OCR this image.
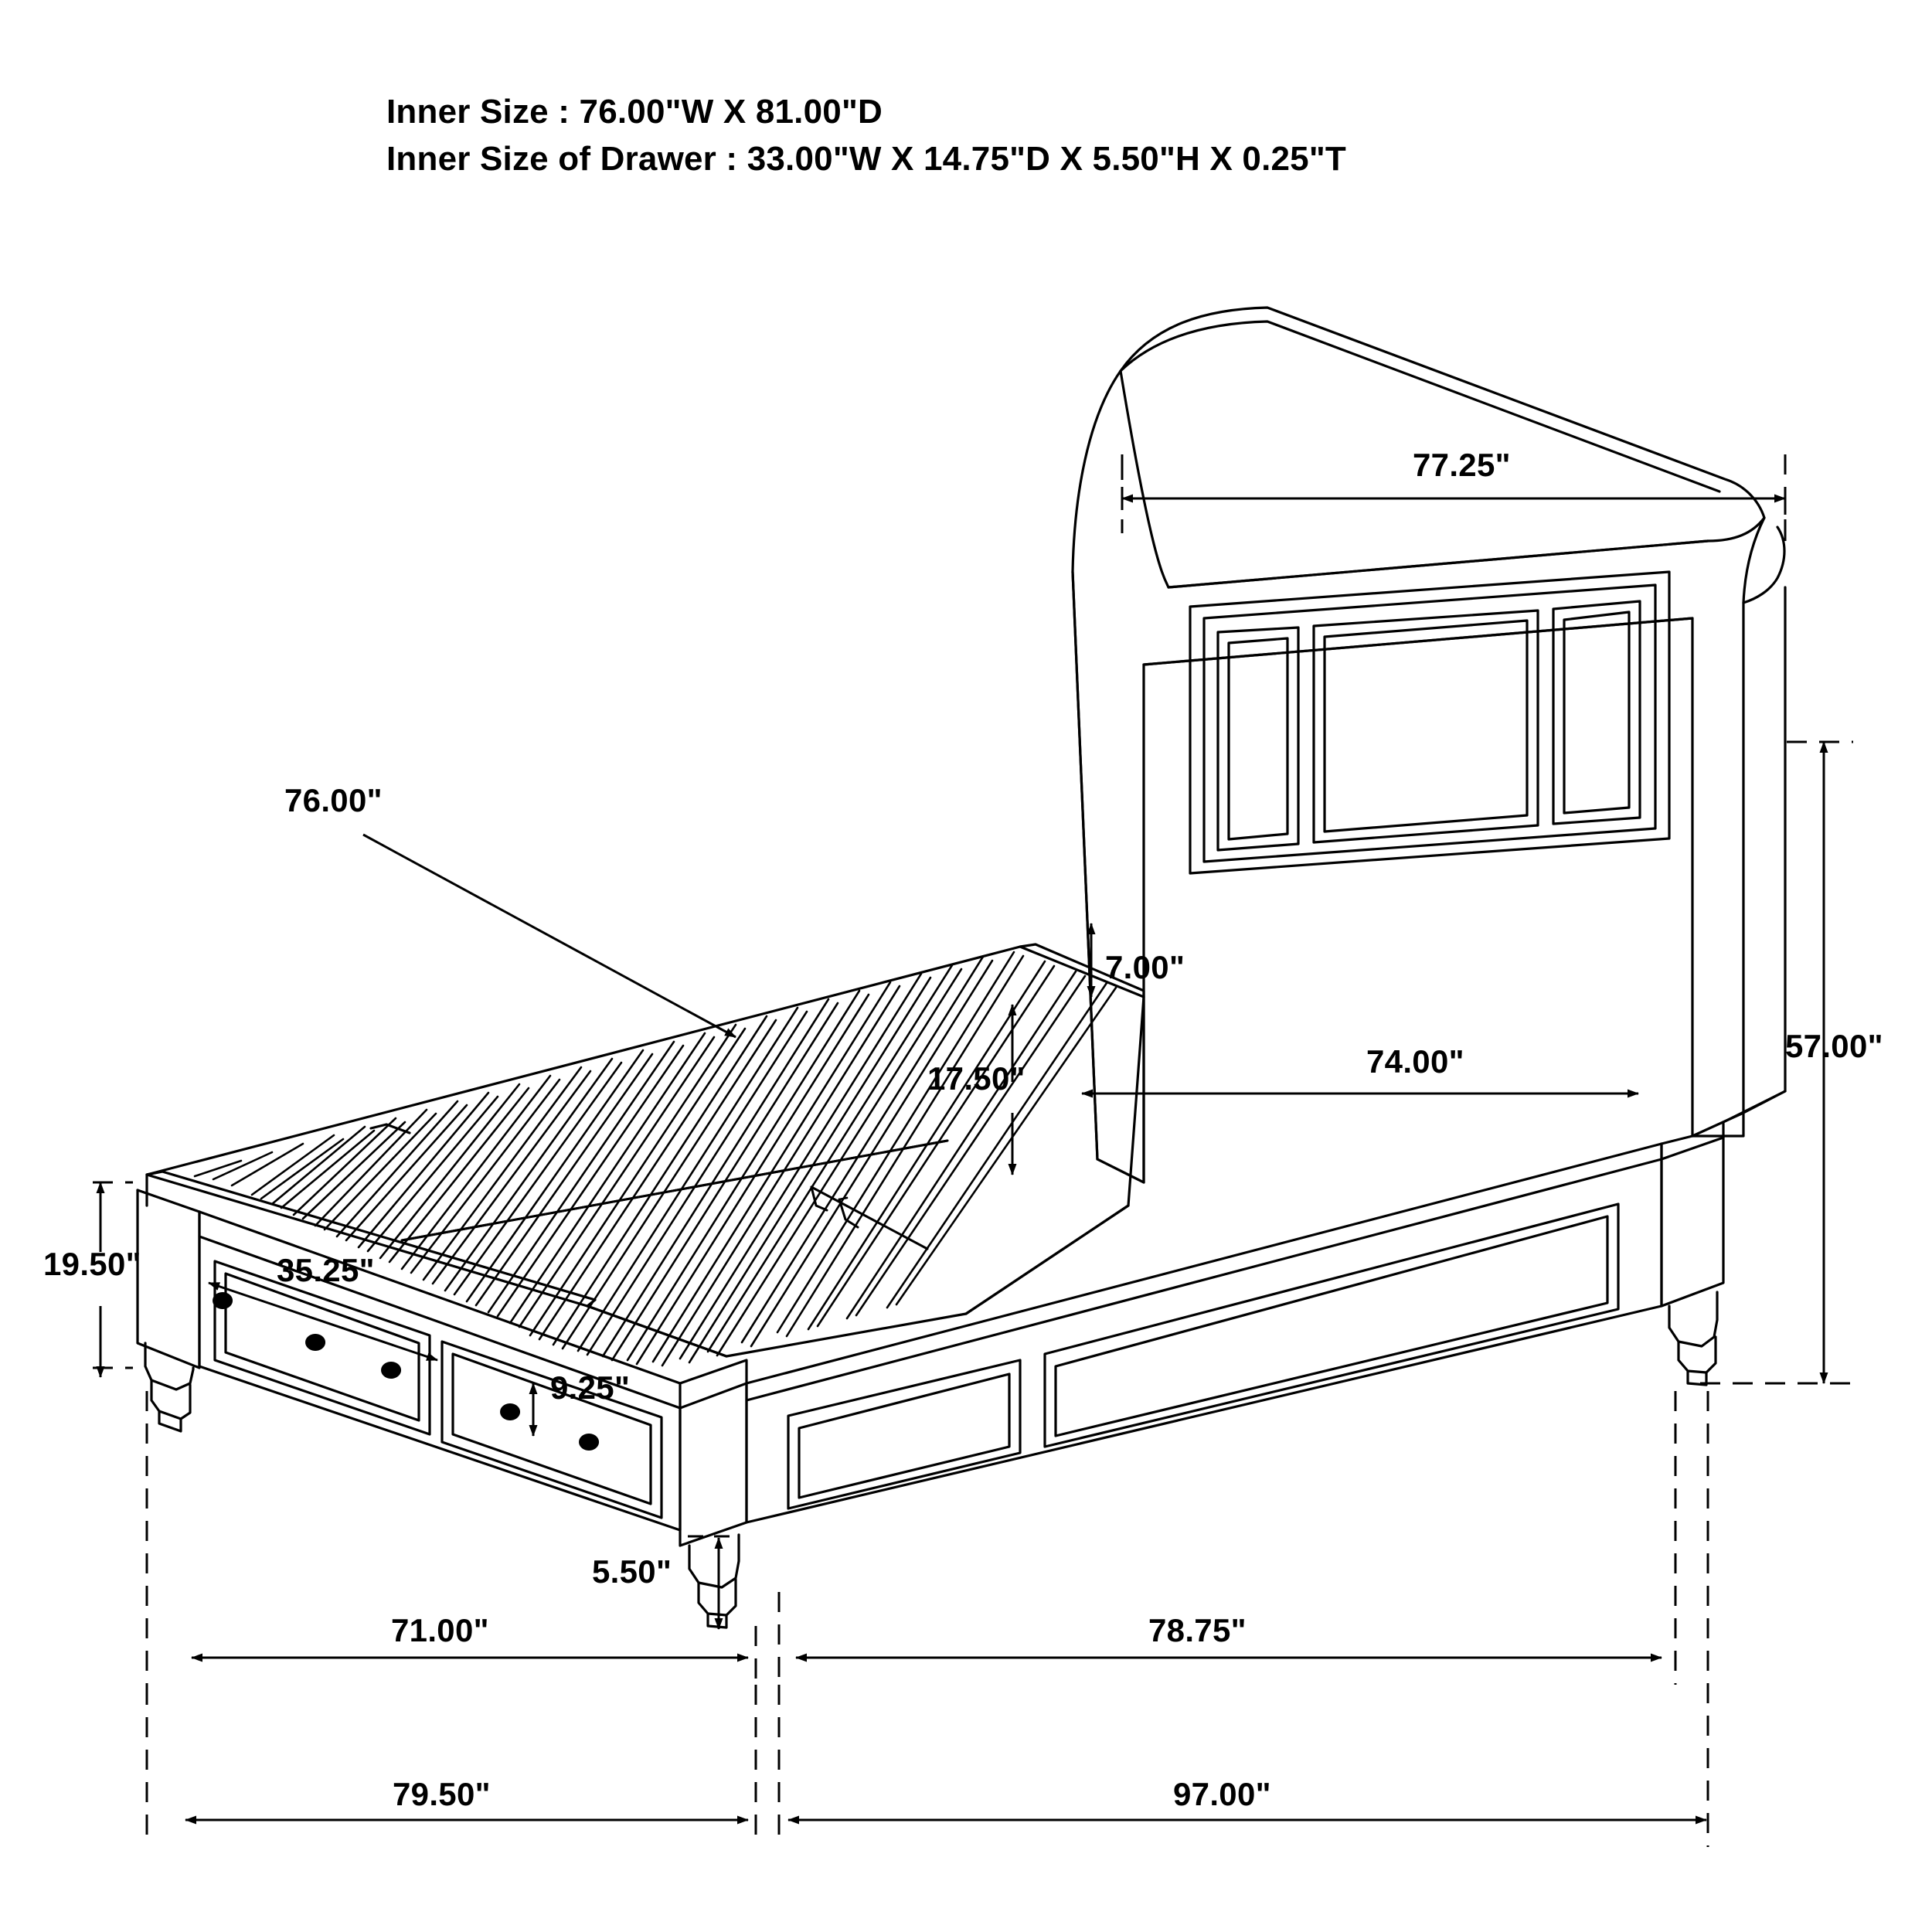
Inner Size : 76.00"W X 81.00"D
Inner Size of Drawer : 33.00"W X 14.75"D X 5.50"H X 0.25"T
77.25"
57.00"
76.00"
7.00"
17.50"	74.00"
19.50"	35.25"
9.25"
5.50"
71.00"	78.75"
79.50"	97.00"
